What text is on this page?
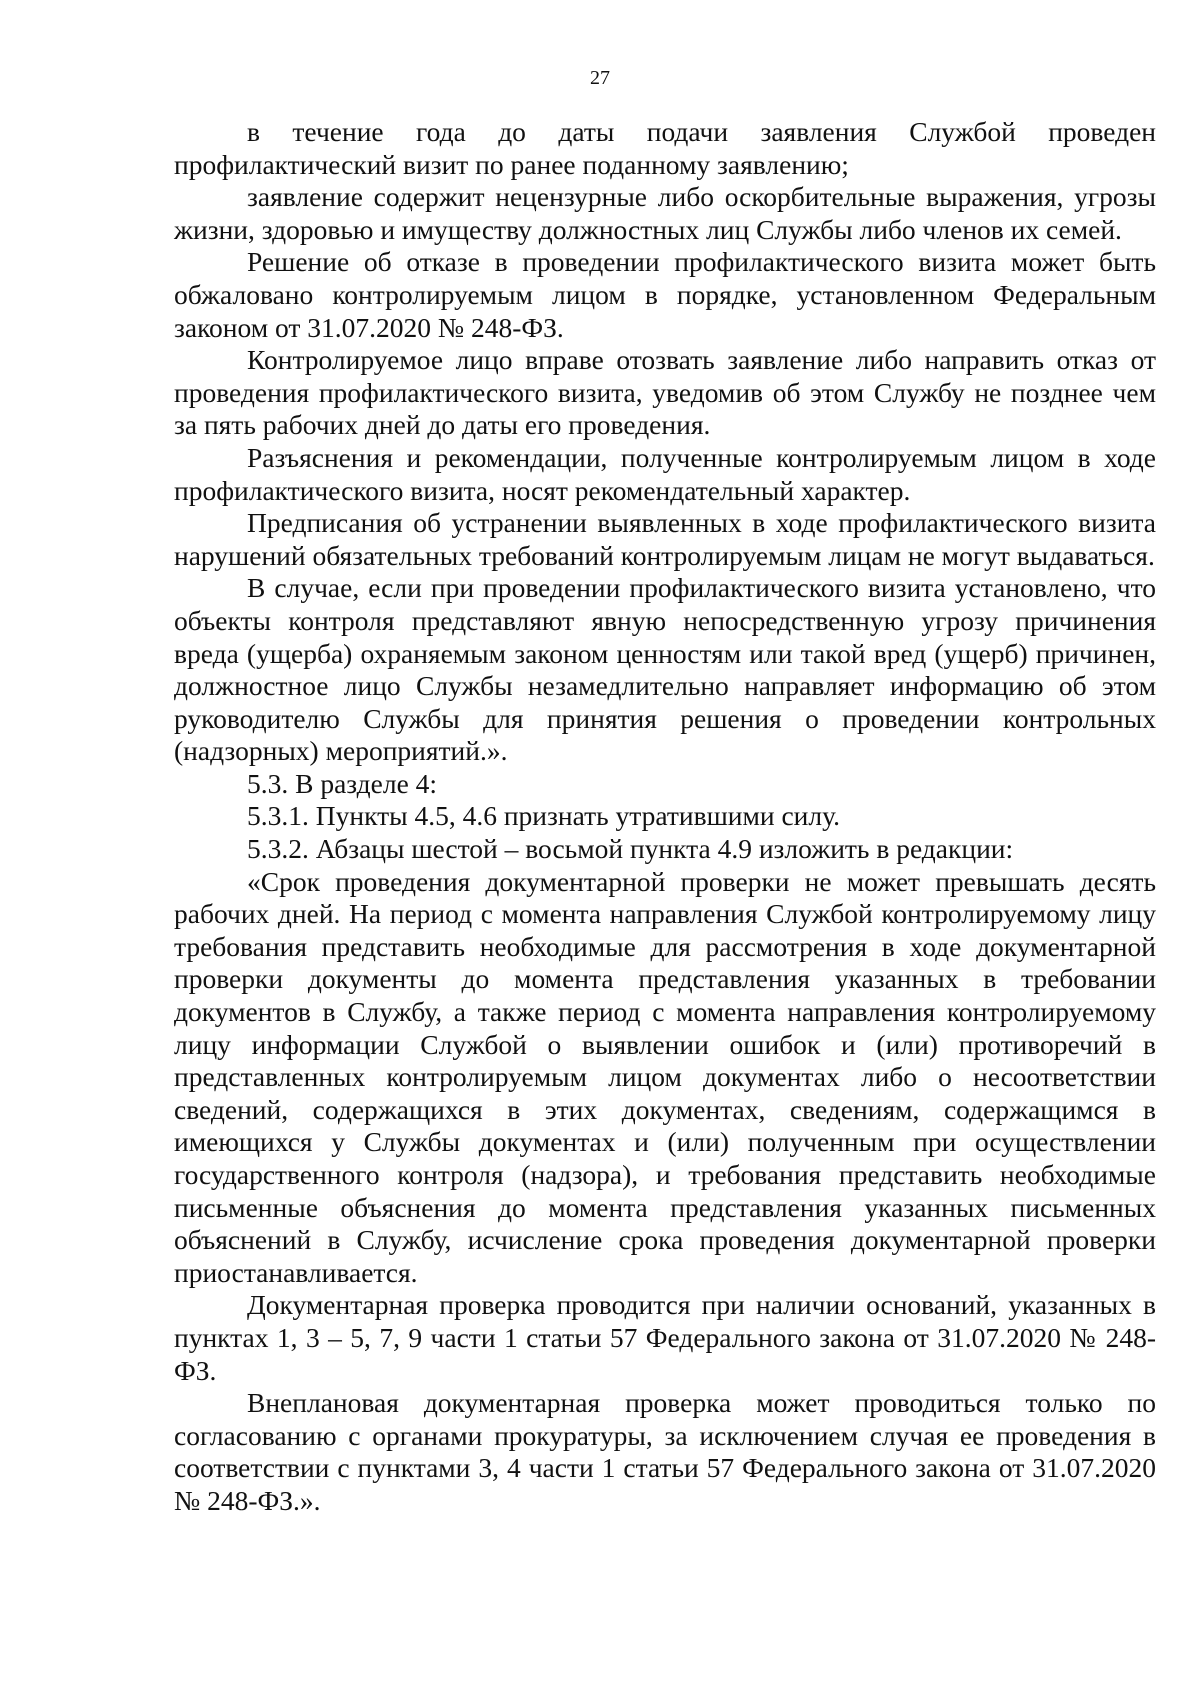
27

в течение года до даты подачи заявления Службой проведен профилактический визит по ранее поданному заявлению;

заявление содержит нецензурные либо оскорбительные выражения, угрозы жизни, здоровью и имуществу должностных лиц Службы либо членов их семей.

Решение об отказе в проведении профилактического визита может быть обжаловано контролируемым лицом в порядке, установленном Федеральным законом от 31.07.2020 № 248-ФЗ.

Контролируемое лицо вправе отозвать заявление либо направить отказ от проведения профилактического визита, уведомив об этом Службу не позднее чем за пять рабочих дней до даты его проведения.

Разъяснения и рекомендации, полученные контролируемым лицом в ходе профилактического визита, носят рекомендательный характер.

Предписания об устранении выявленных в ходе профилактического визита нарушений обязательных требований контролируемым лицам не могут выдаваться.

В случае, если при проведении профилактического визита установлено, что объекты контроля представляют явную непосредственную угрозу причинения вреда (ущерба) охраняемым законом ценностям или такой вред (ущерб) причинен, должностное лицо Службы незамедлительно направляет информацию об этом руководителю Службы для принятия решения о проведении контрольных (надзорных) мероприятий.».

5.3. В разделе 4:

5.3.1. Пункты 4.5, 4.6 признать утратившими силу.

5.3.2. Абзацы шестой – восьмой пункта 4.9 изложить в редакции:

«Срок проведения документарной проверки не может превышать десять рабочих дней. На период с момента направления Службой контролируемому лицу требования представить необходимые для рассмотрения в ходе документарной проверки документы до момента представления указанных в требовании документов в Службу, а также период с момента направления контролируемому лицу информации Службой о выявлении ошибок и (или) противоречий в представленных контролируемым лицом документах либо о несоответствии сведений, содержащихся в этих документах, сведениям, содержащимся в имеющихся у Службы документах и (или) полученным при осуществлении государственного контроля (надзора), и требования представить необходимые письменные объяснения до момента представления указанных письменных объяснений в Службу, исчисление срока проведения документарной проверки приостанавливается.

Документарная проверка проводится при наличии оснований, указанных в пунктах 1, 3 – 5, 7, 9 части 1 статьи 57 Федерального закона от 31.07.2020 № 248-ФЗ.

Внеплановая документарная проверка может проводиться только по согласованию с органами прокуратуры, за исключением случая ее проведения в соответствии с пунктами 3, 4 части 1 статьи 57 Федерального закона от 31.07.2020 № 248-ФЗ.».
